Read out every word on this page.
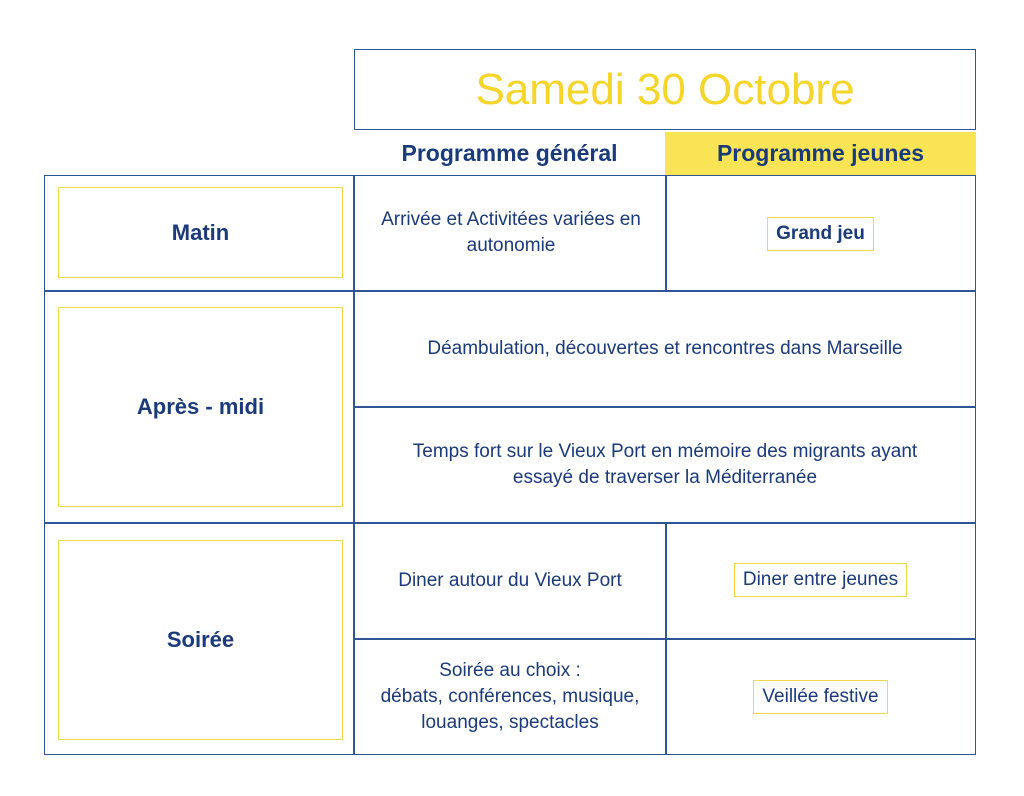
Samedi 30 Octobre
Programme général	Programme jeunes
Matin
Après - midi
Soirée
Arrivée et Activitées variées en autonomie
Grand jeu
Déambulation, découvertes et rencontres dans Marseille
Temps fort sur le Vieux Port en mémoire des migrants ayant
essayé de traverser la Méditerranée
Diner autour du Vieux Port	Diner entre jeunes
Soirée au choix :
débats, conférences, musique,
louanges, spectacles
Veillée festive
